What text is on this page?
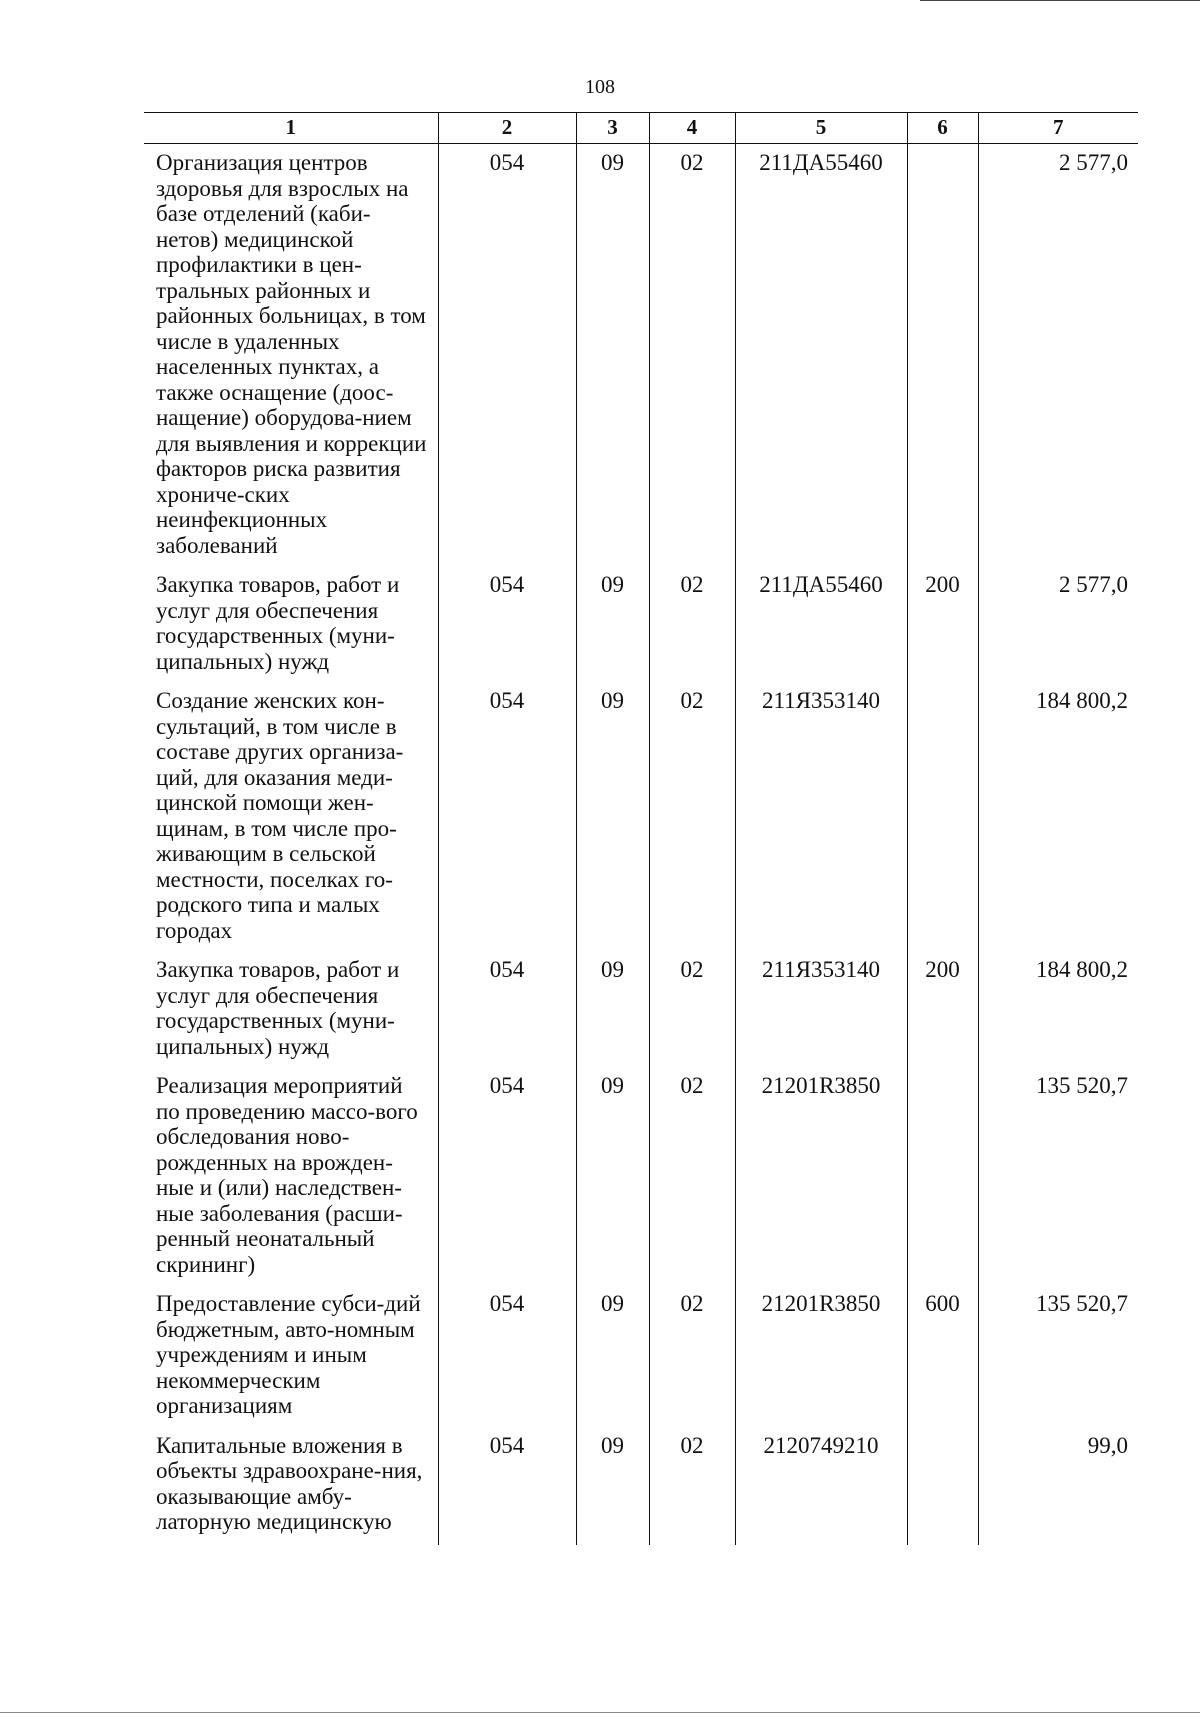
108
1	2	3	4	5	6	7
Организация центров здоровья для взрослых на базе отделений (каби-нетов) медицинской профилактики в цен-тральных районных и районных больницах, в том числе в удаленных населенных пунктах, а также оснащение (доос-нащение) оборудова-нием для выявления и коррекции факторов риска развития хрониче-ских неинфекционных заболеваний	054	09	02	211ДА55460		2 577,0
Закупка товаров, работ и услуг для обеспечения государственных (муни-ципальных) нужд	054	09	02	211ДА55460	200	2 577,0
Создание женских кон-сультаций, в том числе в составе других организа-ций, для оказания меди-цинской помощи жен-щинам, в том числе про-живающим в сельской местности, поселках го-родского типа и малых городах	054	09	02	211Я353140		184 800,2
Закупка товаров, работ и услуг для обеспечения государственных (муни-ципальных) нужд	054	09	02	211Я353140	200	184 800,2
Реализация мероприятий по проведению массо-вого обследования ново-рожденных на врожден-ные и (или) наследствен-ные заболевания (расши-ренный неонатальный скрининг)	054	09	02	21201R3850		135 520,7
Предоставление субси-дий бюджетным, авто-номным учреждениям и иным некоммерческим организациям	054	09	02	21201R3850	600	135 520,7
Капитальные вложения в объекты здравоохране-ния, оказывающие амбу-латорную медицинскую	054	09	02	2120749210		99,0
